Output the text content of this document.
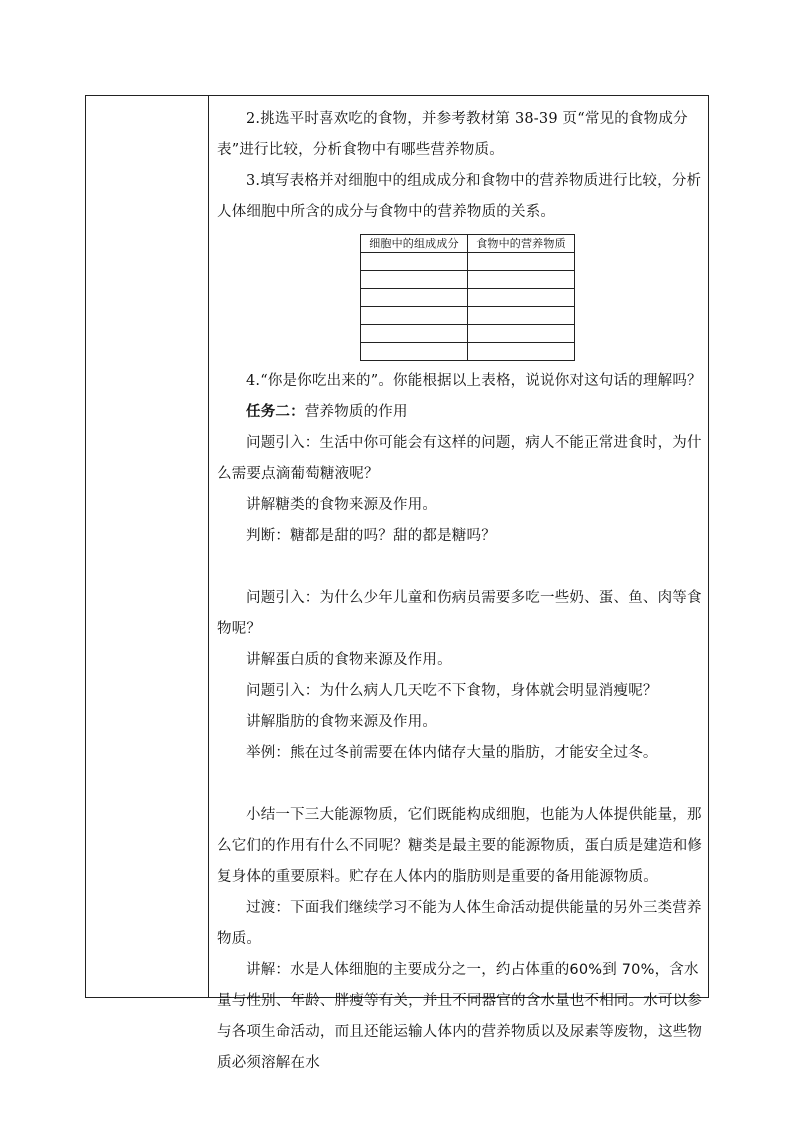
2.挑选平时喜欢吃的食物，并参考教材第 38-39 页“常见的食物成分表”进行比较，分析食物中有哪些营养物质。

3.填写表格并对细胞中的组成成分和食物中的营养物质进行比较，分析人体细胞中所含的成分与食物中的营养物质的关系。

细胞中的组成成分	食物中的营养物质

4.“你是你吃出来的”。你能根据以上表格，说说你对这句话的理解吗？

任务二：营养物质的作用

问题引入：生活中你可能会有这样的问题，病人不能正常进食时，为什么需要点滴葡萄糖液呢？

讲解糖类的食物来源及作用。

判断：糖都是甜的吗？甜的都是糖吗？

问题引入：为什么少年儿童和伤病员需要多吃一些奶、蛋、鱼、肉等食物呢？

讲解蛋白质的食物来源及作用。

问题引入：为什么病人几天吃不下食物，身体就会明显消瘦呢？

讲解脂肪的食物来源及作用。

举例：熊在过冬前需要在体内储存大量的脂肪，才能安全过冬。

小结一下三大能源物质，它们既能构成细胞，也能为人体提供能量，那么它们的作用有什么不同呢？糖类是最主要的能源物质，蛋白质是建造和修复身体的重要原料。贮存在人体内的脂肪则是重要的备用能源物质。

过渡：下面我们继续学习不能为人体生命活动提供能量的另外三类营养物质。

讲解：水是人体细胞的主要成分之一，约占体重的60%到 70%，含水量与性别、年龄、胖瘦等有关，并且不同器官的含水量也不相同。水可以参与各项生命活动，而且还能运输人体内的营养物质以及尿素等废物，这些物质必须溶解在水
